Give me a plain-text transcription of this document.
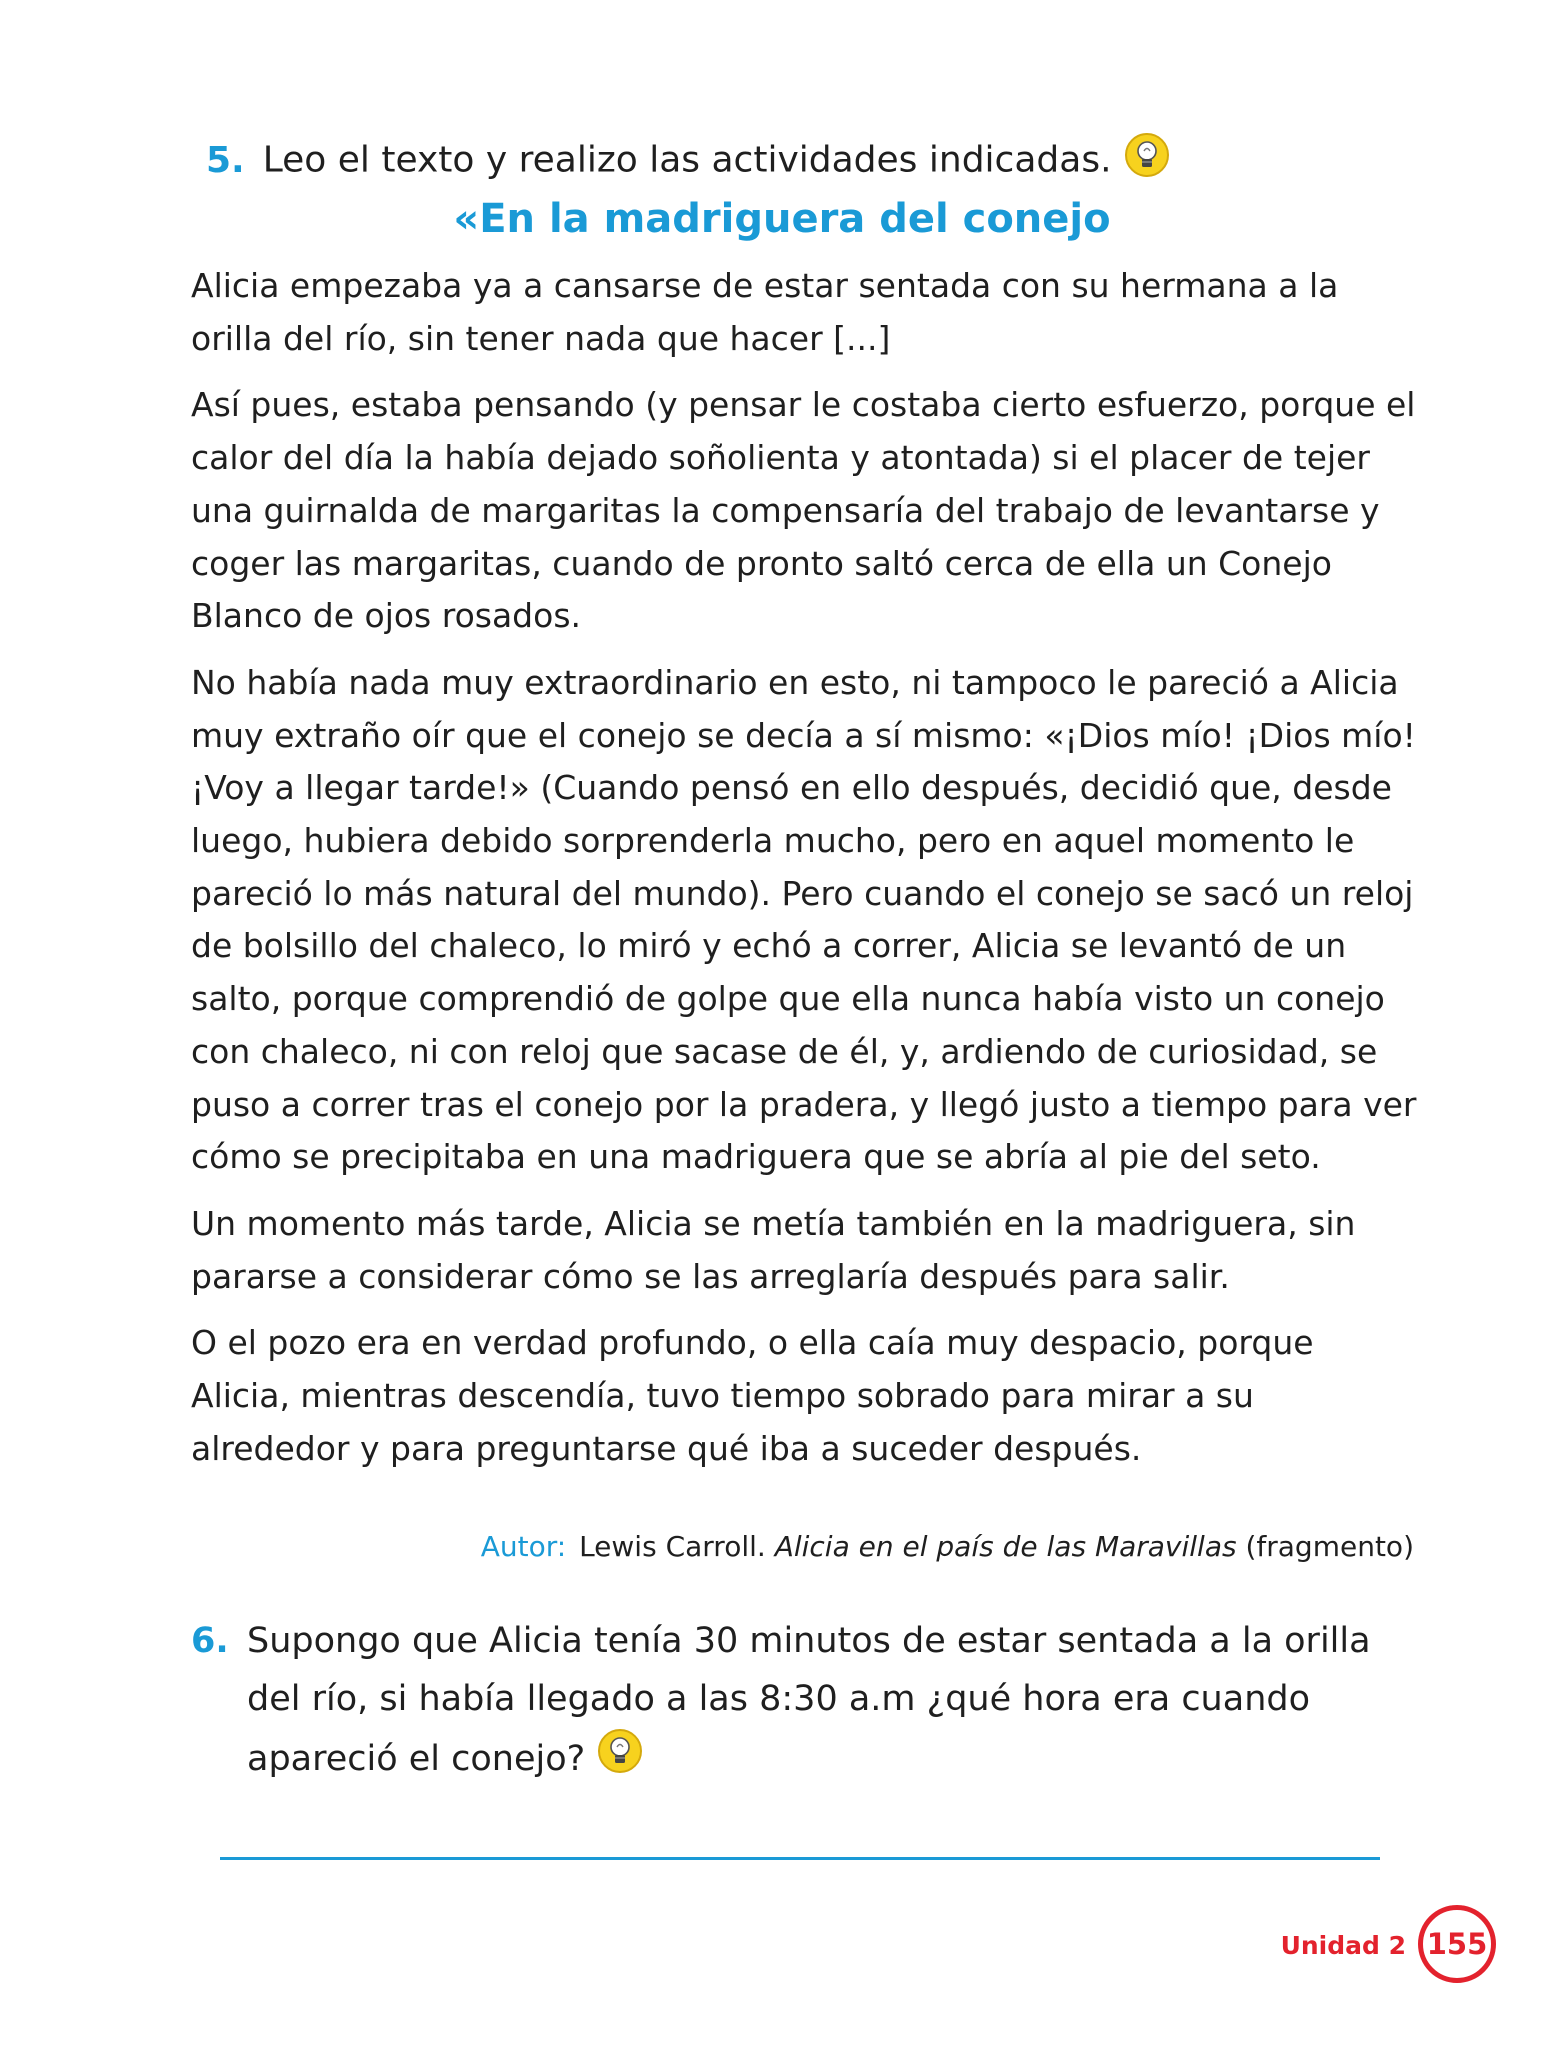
5. Leo el texto y realizo las actividades indicadas.
«En la madriguera del conejo

Alicia empezaba ya a cansarse de estar sentada con su hermana a la orilla del río, sin tener nada que hacer [...]

Así pues, estaba pensando (y pensar le costaba cierto esfuerzo, porque el calor del día la había dejado soñolienta y atontada) si el placer de tejer una guirnalda de margaritas la compensaría del trabajo de levantarse y coger las margaritas, cuando de pronto saltó cerca de ella un Conejo Blanco de ojos rosados.

No había nada muy extraordinario en esto, ni tampoco le pareció a Alicia muy extraño oír que el conejo se decía a sí mismo: «¡Dios mío! ¡Dios mío! ¡Voy a llegar tarde!» (Cuando pensó en ello después, decidió que, desde luego, hubiera debido sorprenderla mucho, pero en aquel momento le pareció lo más natural del mundo). Pero cuando el conejo se sacó un reloj de bolsillo del chaleco, lo miró y echó a correr, Alicia se levantó de un salto, porque comprendió de golpe que ella nunca había visto un conejo con chaleco, ni con reloj que sacase de él, y, ardiendo de curiosidad, se puso a correr tras el conejo por la pradera, y llegó justo a tiempo para ver cómo se precipitaba en una madriguera que se abría al pie del seto.

Un momento más tarde, Alicia se metía también en la madriguera, sin pararse a considerar cómo se las arreglaría después para salir.

O el pozo era en verdad profundo, o ella caía muy despacio, porque Alicia, mientras descendía, tuvo tiempo sobrado para mirar a su alrededor y para preguntarse qué iba a suceder después.

Autor: Lewis Carroll. Alicia en el país de las Maravillas (fragmento)
6. Supongo que Alicia tenía 30 minutos de estar sentada a la orilla del río, si había llegado a las 8:30 a.m ¿qué hora era cuando apareció el conejo?
Unidad 2 155
